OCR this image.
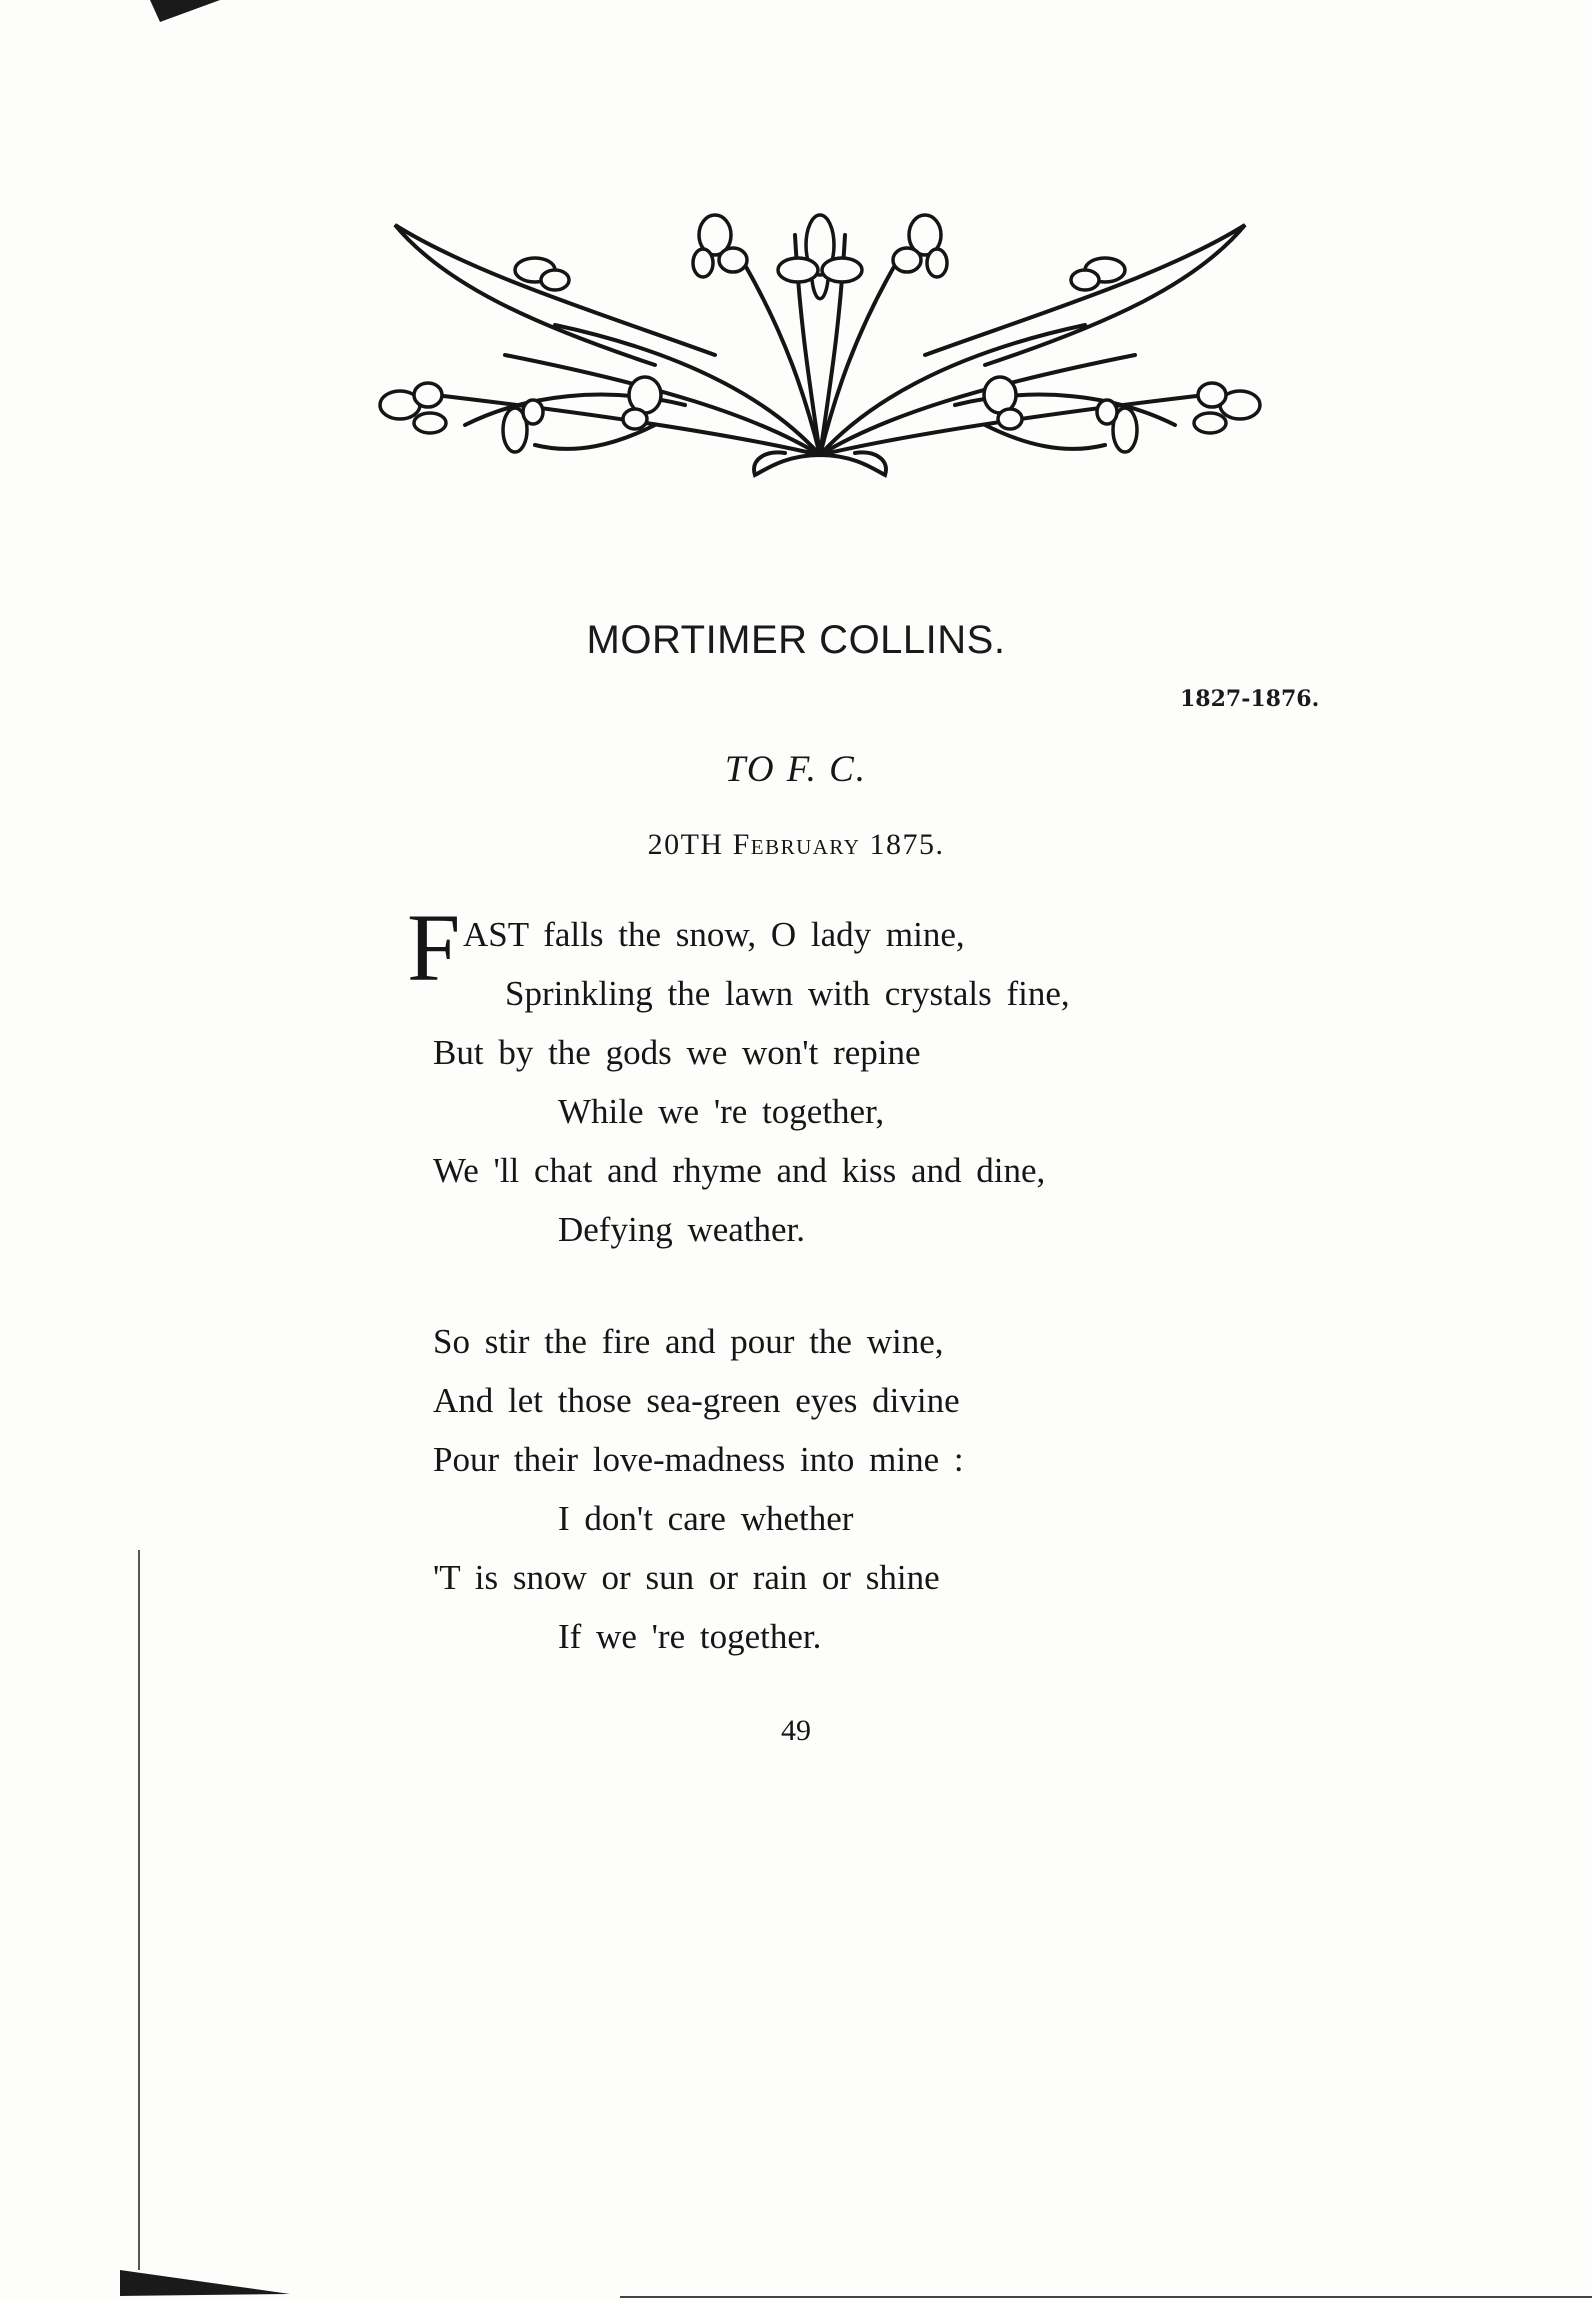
MORTIMER COLLINS.
1827-1876.
TO F. C.
20TH February 1875.
F AST falls the snow, O lady mine,
Sprinkling the lawn with crystals fine,
But by the gods we won't repine
While we 're together,
We 'll chat and rhyme and kiss and dine,
Defying weather.
So stir the fire and pour the wine,
And let those sea-green eyes divine
Pour their love-madness into mine :
I don't care whether
'T is snow or sun or rain or shine
If we 're together.
49
